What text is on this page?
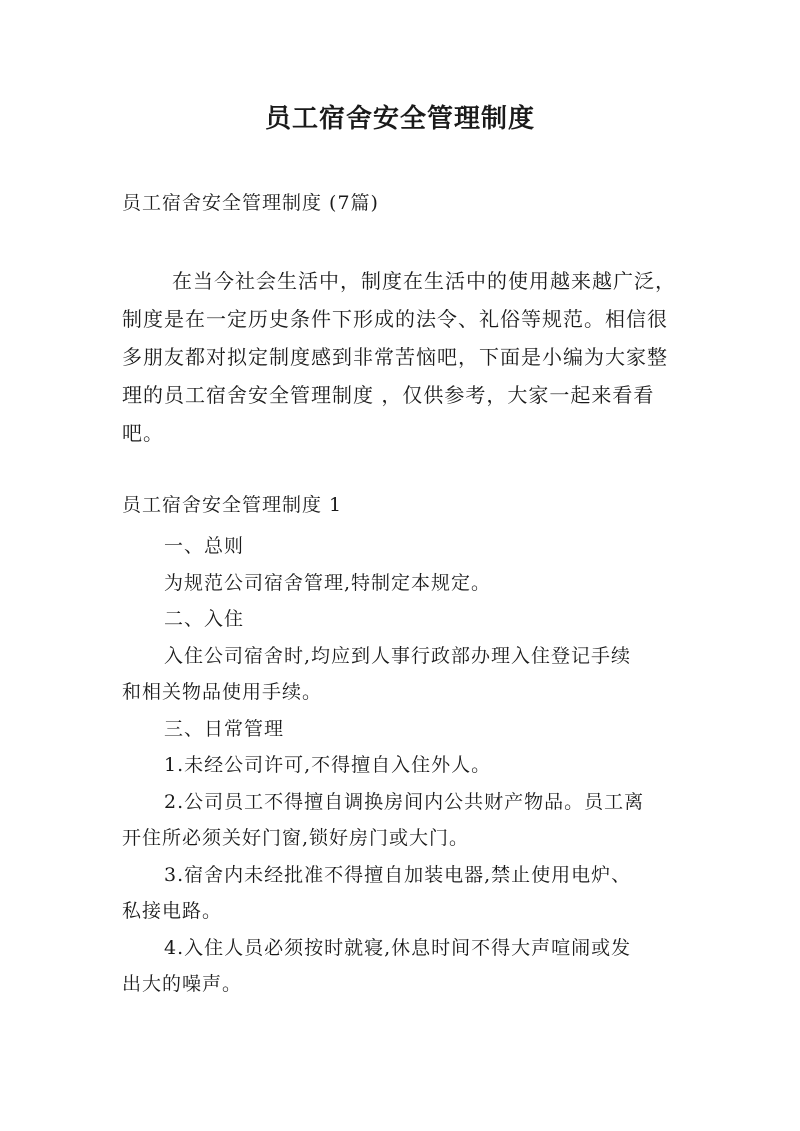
员工宿舍安全管理制度
员工宿舍安全管理制度 (7篇)
在当今社会生活中，制度在生活中的使用越来越广泛，
制度是在一定历史条件下形成的法令、礼俗等规范。相信很
多朋友都对拟定制度感到非常苦恼吧，下面是小编为大家整
理的员工宿舍安全管理制度 ，仅供参考，大家一起来看看
吧。
员工宿舍安全管理制度 1
一、总则
为规范公司宿舍管理,特制定本规定。
二、入住
入住公司宿舍时,均应到人事行政部办理入住登记手续
和相关物品使用手续。
三、日常管理
1.未经公司许可,不得擅自入住外人。
2.公司员工不得擅自调换房间内公共财产物品。员工离
开住所必须关好门窗,锁好房门或大门。
3.宿舍内未经批准不得擅自加装电器,禁止使用电炉、
私接电路。
4.入住人员必须按时就寝,休息时间不得大声喧闹或发
出大的噪声。
